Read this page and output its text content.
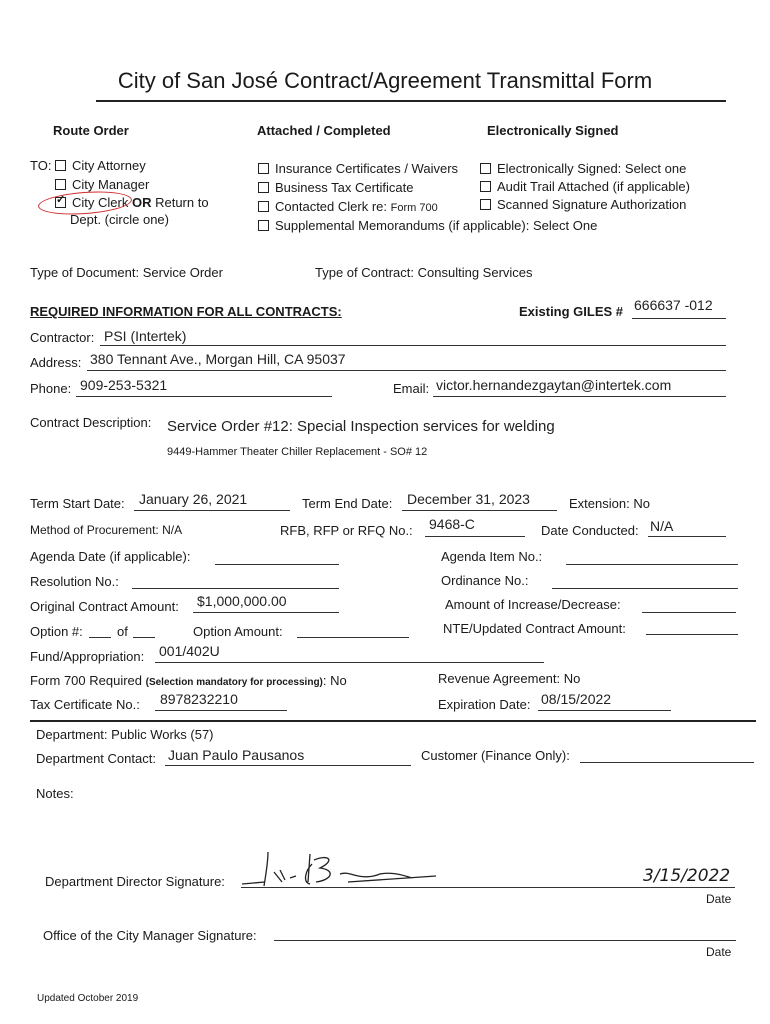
City of San José Contract/Agreement Transmittal Form
Route Order	Attached / Completed	Electronically Signed
TO:	City Attorney
City Manager
✓City Clerk OR Return to
Dept. (circle one)
Insurance Certificates / Waivers
Business Tax Certificate
Contacted Clerk re: Form 700
Supplemental Memorandums (if applicable): Select One
Electronically Signed: Select one
Audit Trail Attached (if applicable)
Scanned Signature Authorization
Type of Document: Service Order	Type of Contract: Consulting Services
REQUIRED INFORMATION FOR ALL CONTRACTS:	Existing GILES # 666637 -012
Contractor: PSI (Intertek)
Address: 380 Tennant Ave., Morgan Hill, CA 95037
Phone: 909-253-5321	Email: victor.hernandezgaytan@intertek.com
Contract Description: Service Order #12: Special Inspection services for welding
9449-Hammer Theater Chiller Replacement - SO# 12
Term Start Date: January 26, 2021	Term End Date: December 31, 2023	Extension: No
Method of Procurement: N/A	RFB, RFP or RFQ No.: 9468-C	Date Conducted: N/A
Agenda Date (if applicable):	Agenda Item No.:
Resolution No.:	Ordinance No.:
Original Contract Amount: $1,000,000.00	Amount of Increase/Decrease:
Option #:	of	Option Amount:	NTE/Updated Contract Amount:
Fund/Appropriation: 001/402U
Form 700 Required (Selection mandatory for processing): No	Revenue Agreement: No
Tax Certificate No.: 8978232210	Expiration Date: 08/15/2022
Department: Public Works (57)
Department Contact: Juan Paulo Pausanos	Customer (Finance Only):
Notes:
Department Director Signature:	3/15/2022
Date
Office of the City Manager Signature:
Date
Updated October 2019
